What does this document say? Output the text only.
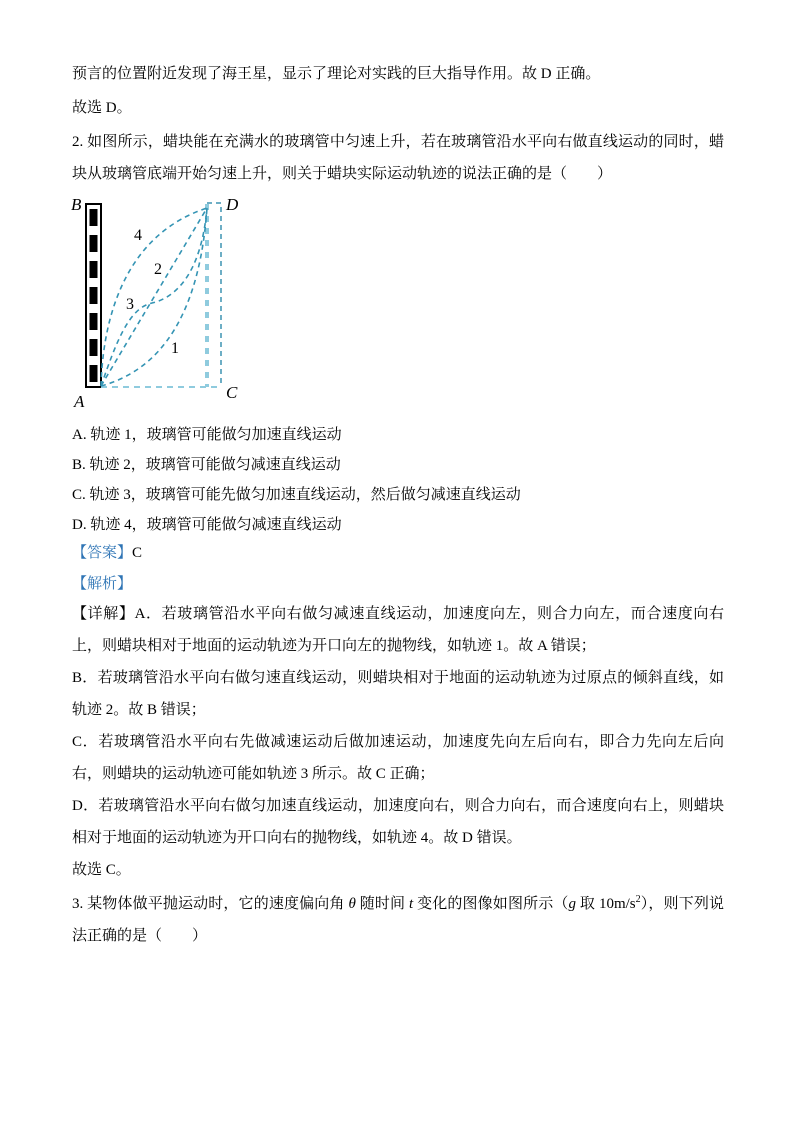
预言的位置附近发现了海王星，显示了理论对实践的巨大指导作用。故 D 正确。

故选 D。

2. 如图所示，蜡块能在充满水的玻璃管中匀速上升，若在玻璃管沿水平向右做直线运动的同时，蜡块从玻璃管底端开始匀速上升，则关于蜡块实际运动轨迹的说法正确的是（　　）

B
A
D
C
4
2
3
1
A. 轨迹 1，玻璃管可能做匀加速直线运动
B. 轨迹 2，玻璃管可能做匀减速直线运动
C. 轨迹 3，玻璃管可能先做匀加速直线运动，然后做匀减速直线运动
D. 轨迹 4，玻璃管可能做匀减速直线运动
【答案】C
【解析】

【详解】A．若玻璃管沿水平向右做匀减速直线运动，加速度向左，则合力向左，而合速度向右上，则蜡块相对于地面的运动轨迹为开口向左的抛物线，如轨迹 1。故 A 错误；

B．若玻璃管沿水平向右做匀速直线运动，则蜡块相对于地面的运动轨迹为过原点的倾斜直线，如轨迹 2。故 B 错误；

C．若玻璃管沿水平向右先做减速运动后做加速运动，加速度先向左后向右，即合力先向左后向右，则蜡块的运动轨迹可能如轨迹 3 所示。故 C 正确；

D．若玻璃管沿水平向右做匀加速直线运动，加速度向右，则合力向右，而合速度向右上，则蜡块相对于地面的运动轨迹为开口向右的抛物线，如轨迹 4。故 D 错误。

故选 C。

3. 某物体做平抛运动时，它的速度偏向角 θ 随时间 t 变化的图像如图所示（g 取 $10m/s^2$），则下列说法正确的是（　　）
